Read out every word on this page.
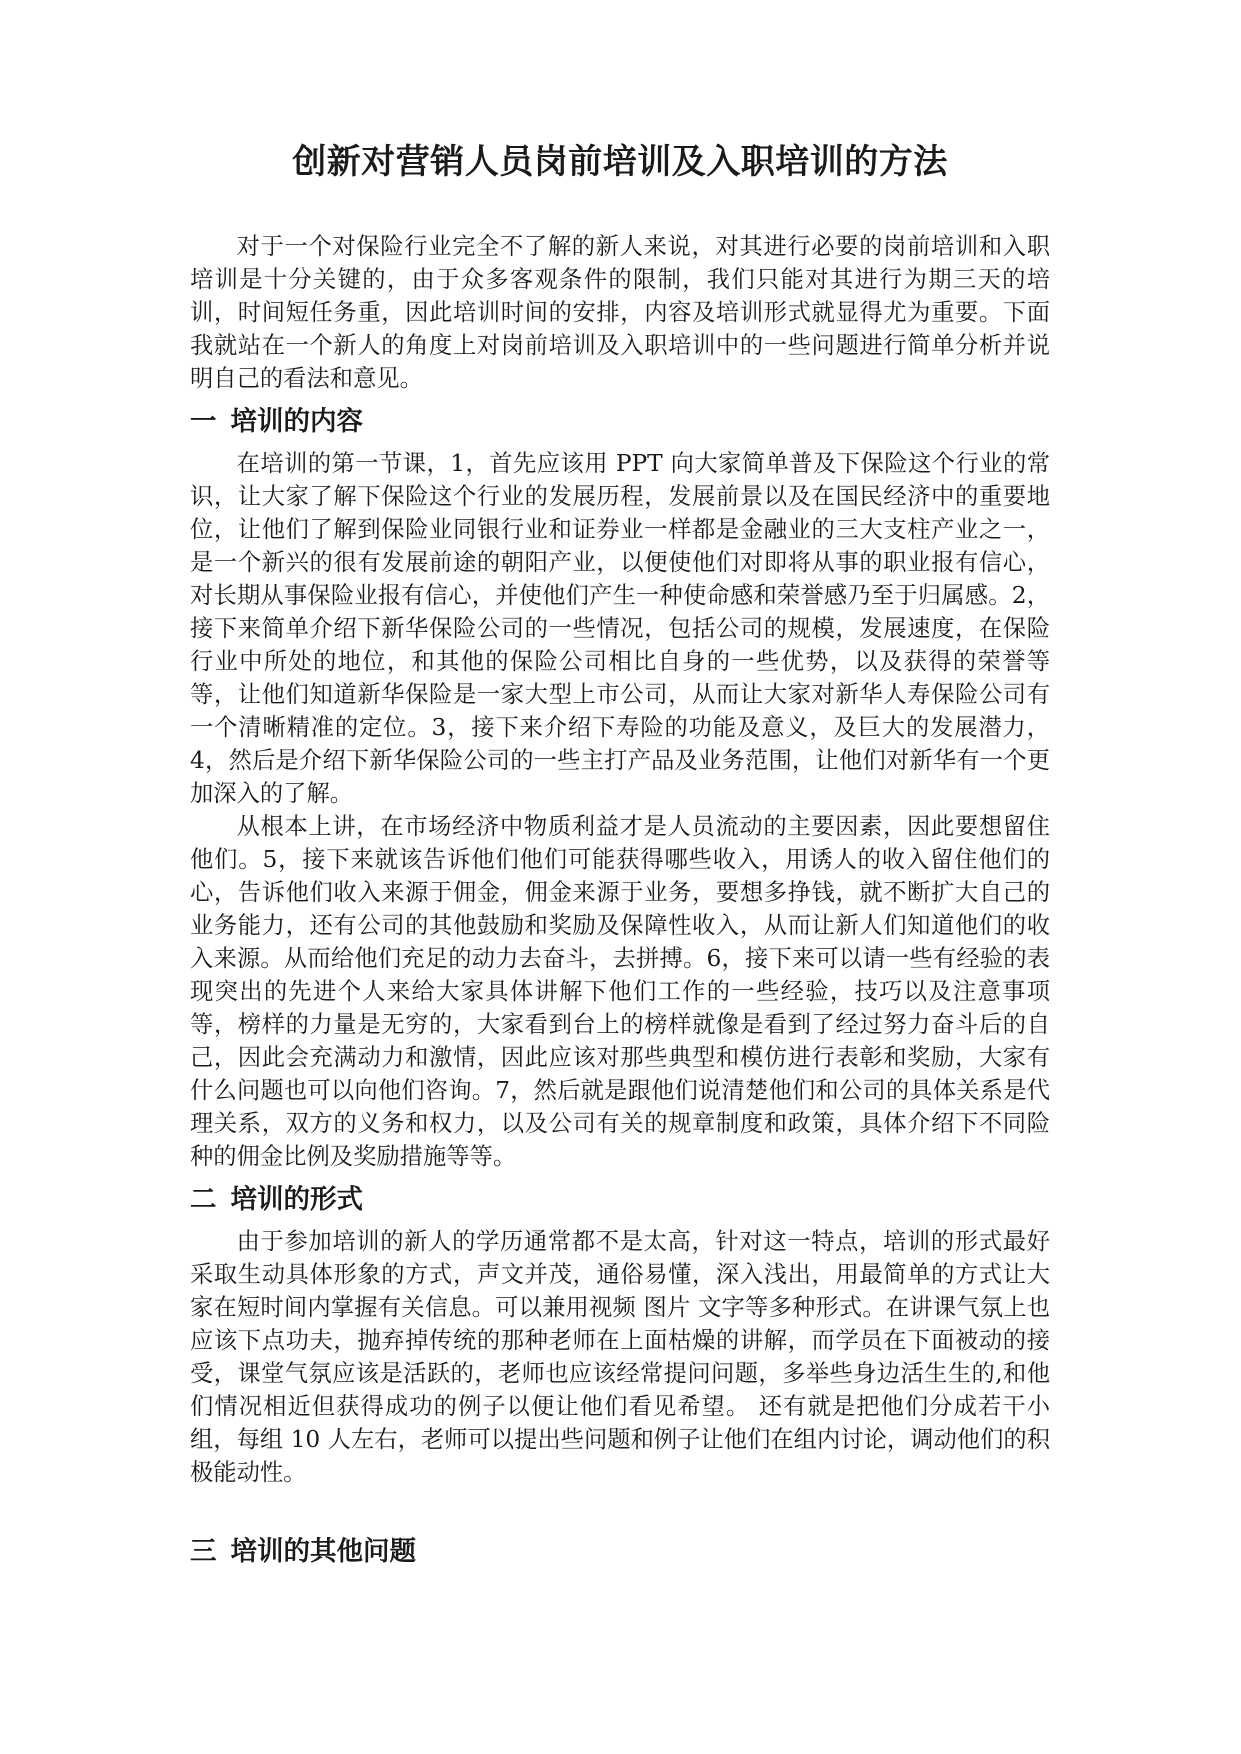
创新对营销人员岗前培训及入职培训的方法

对于一个对保险行业完全不了解的新人来说，对其进行必要的岗前培训和入职培训是十分关键的，由于众多客观条件的限制，我们只能对其进行为期三天的培训，时间短任务重，因此培训时间的安排，内容及培训形式就显得尤为重要。下面我就站在一个新人的角度上对岗前培训及入职培训中的一些问题进行简单分析并说明自己的看法和意见。

一 培训的内容

在培训的第一节课，1，首先应该用 PPT 向大家简单普及下保险这个行业的常识，让大家了解下保险这个行业的发展历程，发展前景以及在国民经济中的重要地位，让他们了解到保险业同银行业和证券业一样都是金融业的三大支柱产业之一，是一个新兴的很有发展前途的朝阳产业，以便使他们对即将从事的职业报有信心，对长期从事保险业报有信心，并使他们产生一种使命感和荣誉感乃至于归属感。2，接下来简单介绍下新华保险公司的一些情况，包括公司的规模，发展速度，在保险行业中所处的地位，和其他的保险公司相比自身的一些优势，以及获得的荣誉等等，让他们知道新华保险是一家大型上市公司，从而让大家对新华人寿保险公司有一个清晰精准的定位。3，接下来介绍下寿险的功能及意义，及巨大的发展潜力，4，然后是介绍下新华保险公司的一些主打产品及业务范围，让他们对新华有一个更加深入的了解。

从根本上讲，在市场经济中物质利益才是人员流动的主要因素，因此要想留住他们。5，接下来就该告诉他们他们可能获得哪些收入，用诱人的收入留住他们的心，告诉他们收入来源于佣金，佣金来源于业务，要想多挣钱，就不断扩大自己的业务能力，还有公司的其他鼓励和奖励及保障性收入，从而让新人们知道他们的收入来源。从而给他们充足的动力去奋斗，去拼搏。6，接下来可以请一些有经验的表现突出的先进个人来给大家具体讲解下他们工作的一些经验，技巧以及注意事项等，榜样的力量是无穷的，大家看到台上的榜样就像是看到了经过努力奋斗后的自己，因此会充满动力和激情，因此应该对那些典型和模仿进行表彰和奖励，大家有什么问题也可以向他们咨询。7，然后就是跟他们说清楚他们和公司的具体关系是代理关系，双方的义务和权力，以及公司有关的规章制度和政策，具体介绍下不同险种的佣金比例及奖励措施等等。

二 培训的形式

由于参加培训的新人的学历通常都不是太高，针对这一特点，培训的形式最好采取生动具体形象的方式，声文并茂，通俗易懂，深入浅出，用最简单的方式让大家在短时间内掌握有关信息。可以兼用视频 图片 文字等多种形式。在讲课气氛上也应该下点功夫，抛弃掉传统的那种老师在上面枯燥的讲解，而学员在下面被动的接受，课堂气氛应该是活跃的，老师也应该经常提问问题，多举些身边活生生的,和他们情况相近但获得成功的例子以便让他们看见希望。 还有就是把他们分成若干小组，每组 10 人左右，老师可以提出些问题和例子让他们在组内讨论，调动他们的积极能动性。

三 培训的其他问题
